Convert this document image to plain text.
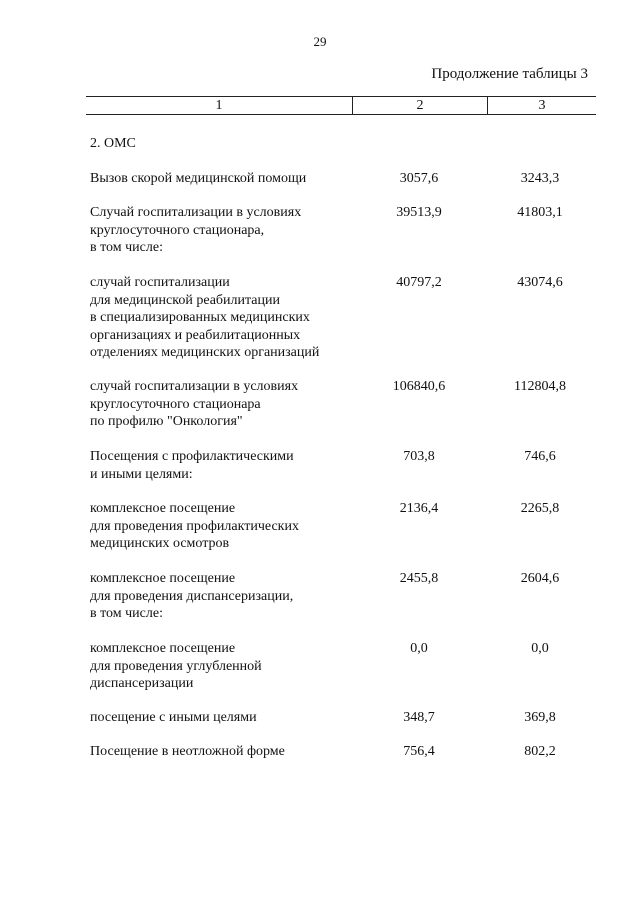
29
Продолжение таблицы 3
1	2	3
2. ОМС
Вызов скорой медицинской помощи	3057,6	3243,3
Случай госпитализации в условиях
круглосуточного стационара,
в том числе:
39513,9	41803,1
случай госпитализации
для медицинской реабилитации
в специализированных медицинских
организациях и реабилитационных
отделениях медицинских организаций
40797,2	43074,6
случай госпитализации в условиях
круглосуточного стационара
по профилю "Онкология"
106840,6	112804,8
Посещения с профилактическими
и иными целями:
703,8	746,6
комплексное посещение
для проведения профилактических
медицинских осмотров
2136,4	2265,8
комплексное посещение
для проведения диспансеризации,
в том числе:
2455,8	2604,6
комплексное посещение
для проведения углубленной
диспансеризации
0,0	0,0
посещение с иными целями	348,7	369,8
Посещение в неотложной форме	756,4	802,2
